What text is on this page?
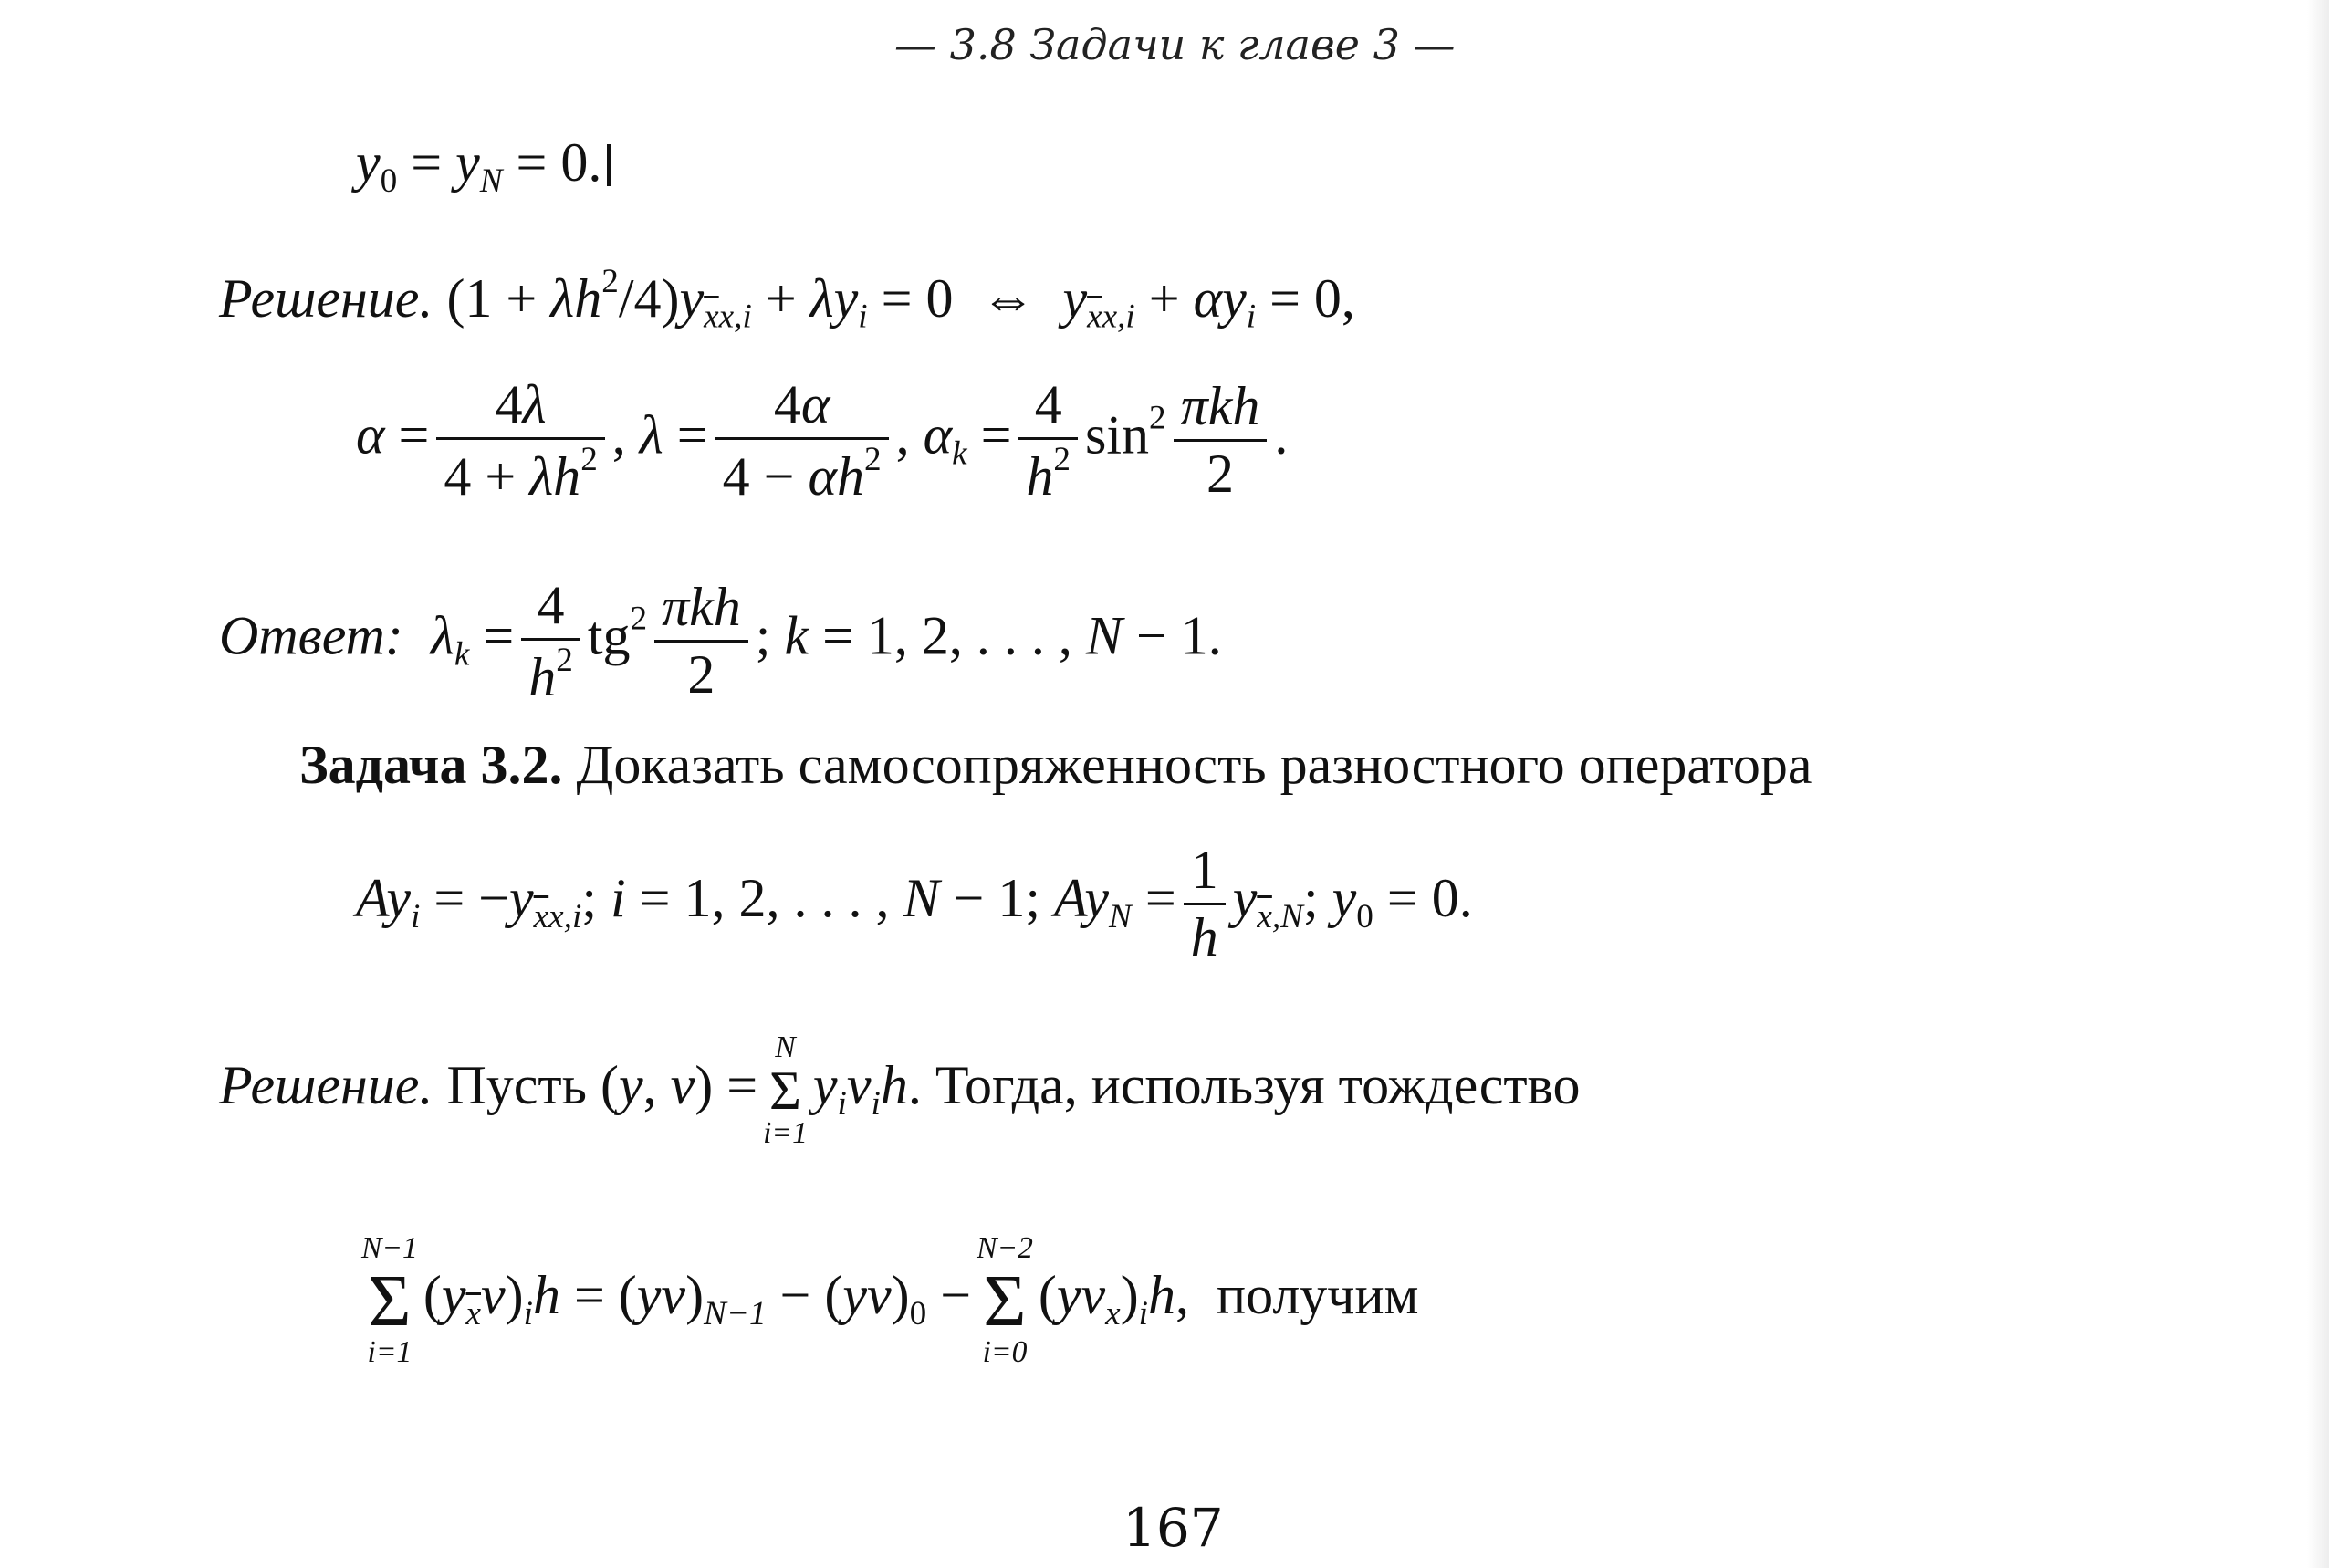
— 3.8 Задачи к главе 3 —
$y_0 = y_N = 0$.
Решение. $(1 + \lambda h^2/4)y_{\overline{x}x,i} + \lambda y_i = 0$  ⇔  $y_{\overline{x}x,i} + \alpha y_i = 0$,
$\alpha = \frac{4\lambda}{4 + \lambda h^2}$ , $\lambda = \frac{4\alpha}{4 - \alpha h^2}$ , $\alpha_k = \frac{4}{h^2} \sin^2 \frac{\text{πkh}}{2}$ .
Ответ: $\lambda_k = \frac{4}{h^2} tg^2 \frac{\text{πkh}}{2}$ ; k = 1, 2, . . . , N − 1.
Задача 3.2. Доказать самосопряженность разностного оператора
$Ay_i = -y_{\overline{x}x,i}$; i = 1, 2, . . . , N − 1; $Ay_N = \frac{1}{h} y_{\overline{x},N}$; $y_0 = 0$.
Решение. Пусть (y, v) =
N
Σ
i=1
$y_iv_ih$. Тогда, используя тождество
N−1
Σ
i=1
$(y_{\overline{x}}v)_ih = (yv)_{N-1} - (yv)_0$ −
N−2
Σ
i=0
$(yv_x)_ih$,  получим
167
